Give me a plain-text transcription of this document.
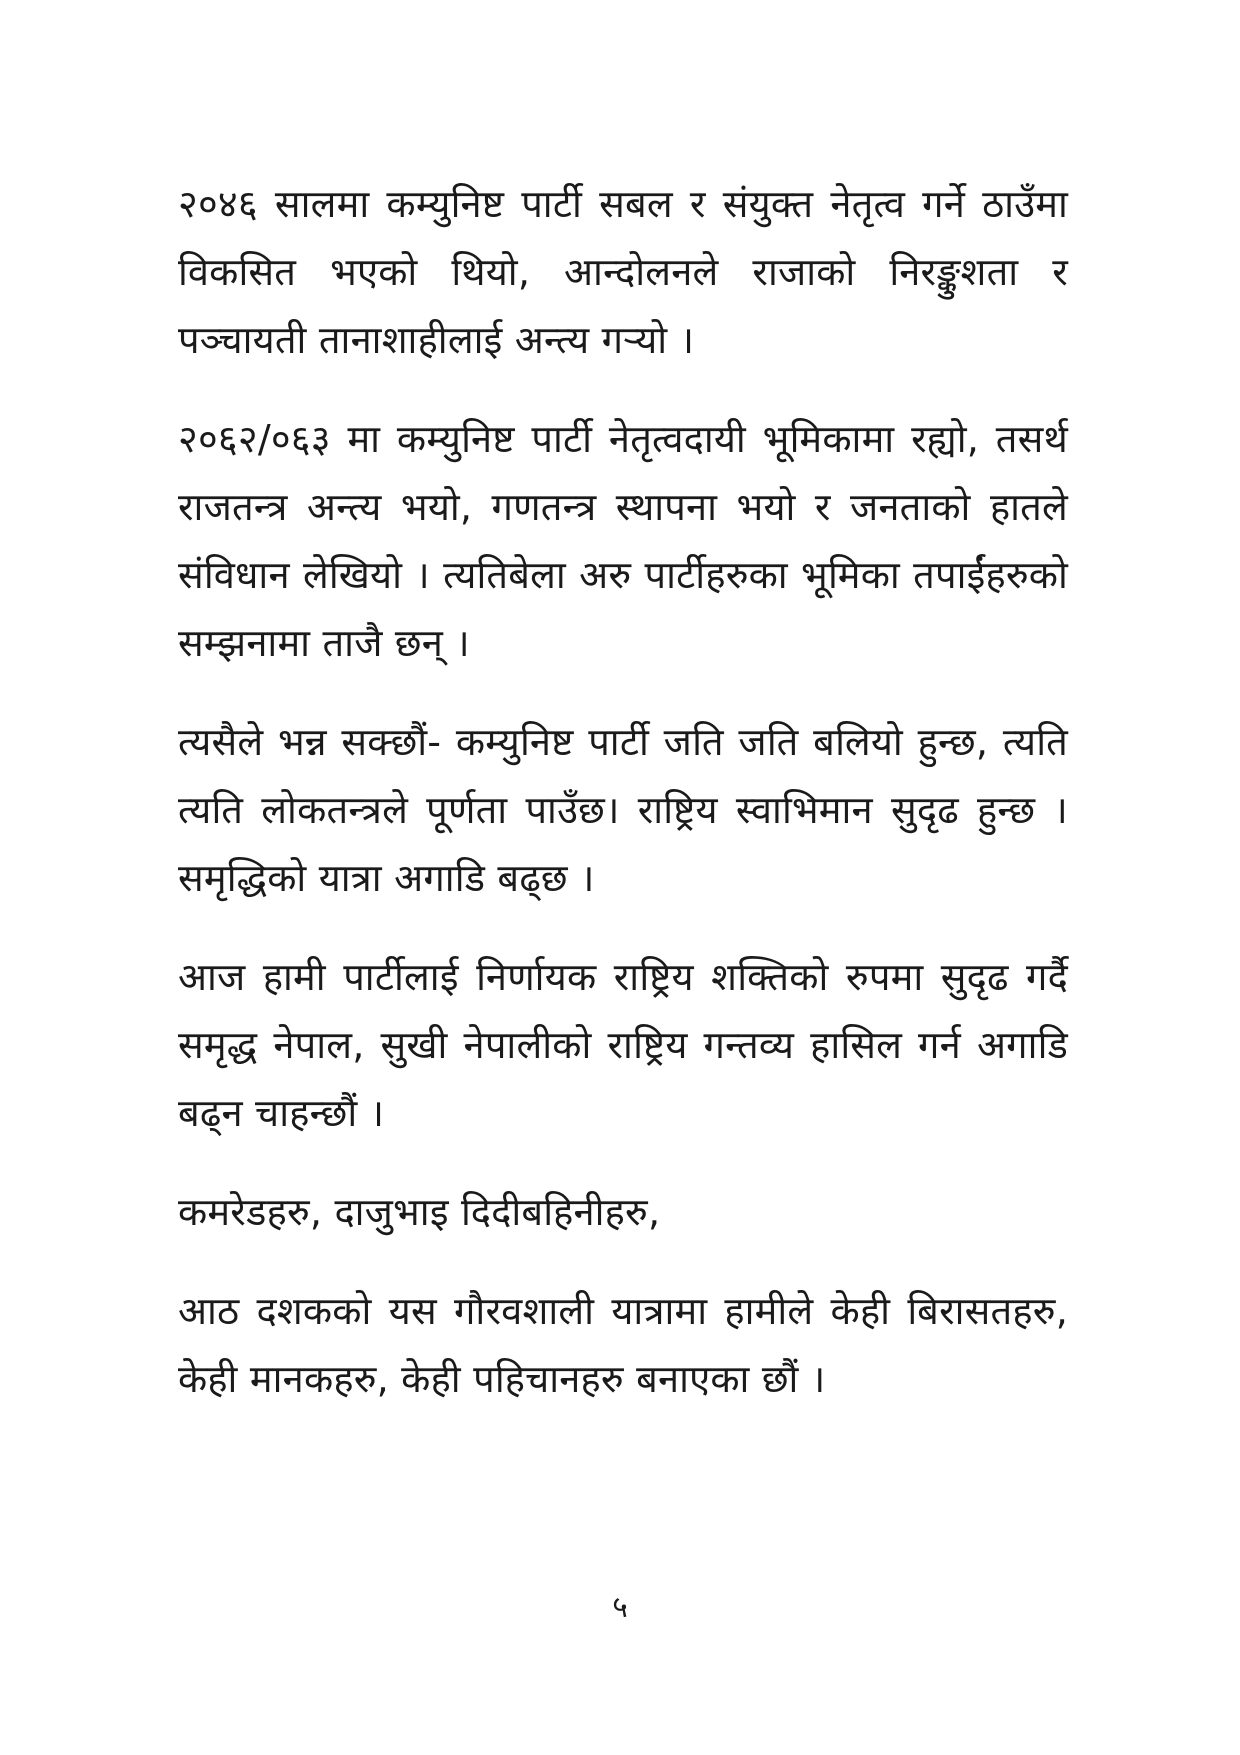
२०४६ सालमा कम्युनिष्ट पार्टी सबल र संयुक्त नेतृत्व गर्ने ठाउँमा विकसित भएको थियो, आन्दोलनले राजाको निरङ्कुशता र पञ्चायती तानाशाहीलाई अन्त्य गऱ्यो ।

२०६२/०६३ मा कम्युनिष्ट पार्टी नेतृत्वदायी भूमिकामा रह्यो, तसर्थ राजतन्त्र अन्त्य भयो, गणतन्त्र स्थापना भयो र जनताको हातले संविधान लेखियो । त्यतिबेला अरु पार्टीहरुका भूमिका तपाईंहरुको सम्झनामा ताजै छन् ।

त्यसैले भन्न सक्छौं- कम्युनिष्ट पार्टी जति जति बलियो हुन्छ, त्यति त्यति लोकतन्त्रले पूर्णता पाउँछ। राष्ट्रिय स्वाभिमान सुदृढ हुन्छ । समृद्धिको यात्रा अगाडि बढ्छ ।

आज हामी पार्टीलाई निर्णायक राष्ट्रिय शक्तिको रुपमा सुदृढ गर्दै समृद्ध नेपाल, सुखी नेपालीको राष्ट्रिय गन्तव्य हासिल गर्न अगाडि बढ्न चाहन्छौं ।

कमरेडहरु, दाजुभाइ दिदीबहिनीहरु,

आठ दशकको यस गौरवशाली यात्रामा हामीले केही बिरासतहरु, केही मानकहरु, केही पहिचानहरु बनाएका छौं ।

५
